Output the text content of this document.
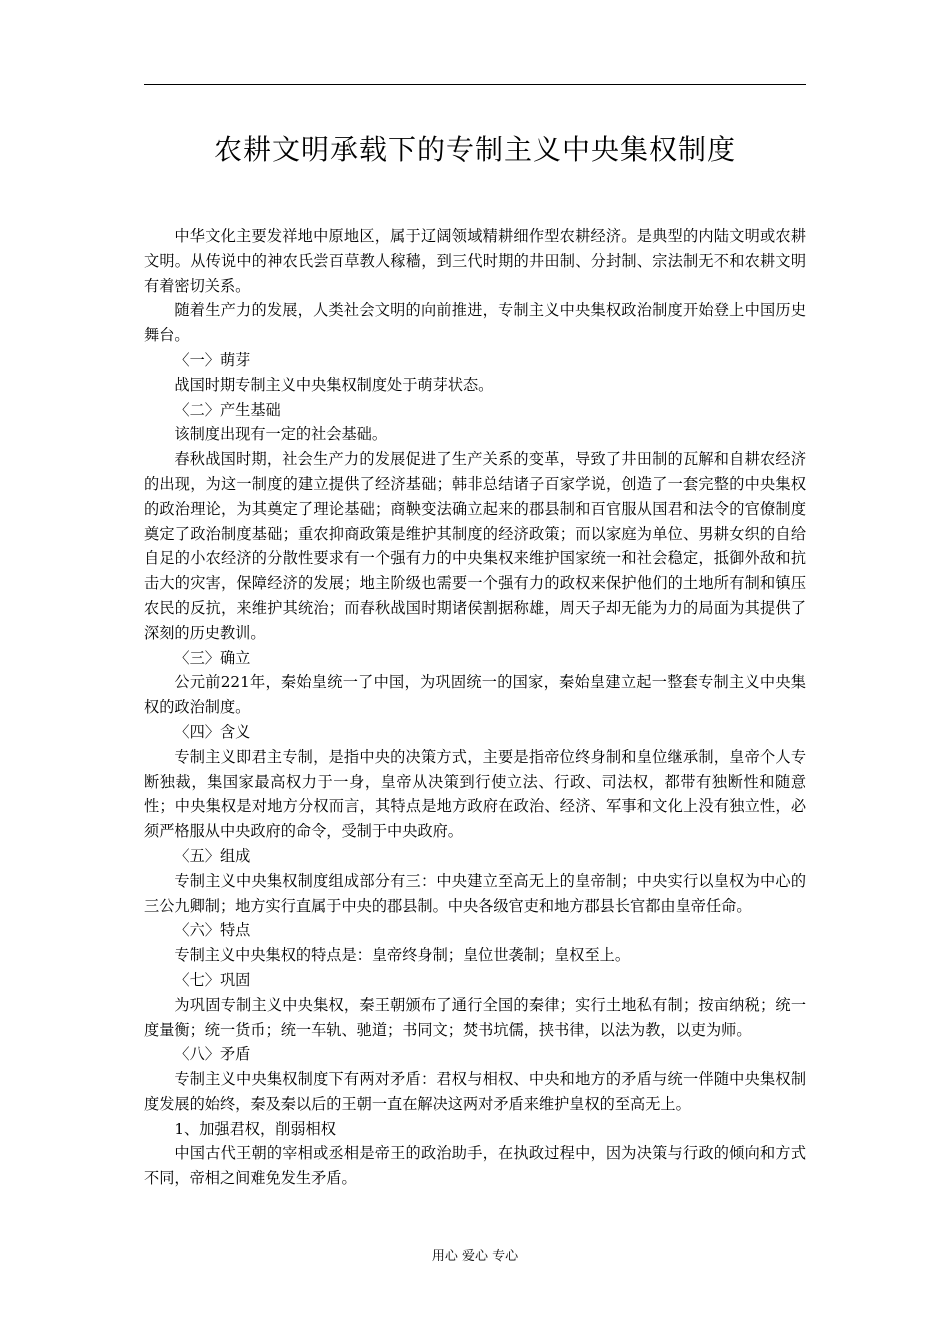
农耕文明承载下的专制主义中央集权制度

中华文化主要发祥地中原地区，属于辽阔领域精耕细作型农耕经济。是典型的内陆文明或农耕文明。从传说中的神农氏尝百草教人稼穑，到三代时期的井田制、分封制、宗法制无不和农耕文明有着密切关系。

随着生产力的发展，人类社会文明的向前推进，专制主义中央集权政治制度开始登上中国历史舞台。

〈一〉萌芽

战国时期专制主义中央集权制度处于萌芽状态。

〈二〉产生基础

该制度出现有一定的社会基础。

春秋战国时期，社会生产力的发展促进了生产关系的变革，导致了井田制的瓦解和自耕农经济的出现，为这一制度的建立提供了经济基础；韩非总结诸子百家学说，创造了一套完整的中央集权的政治理论，为其奠定了理论基础；商鞅变法确立起来的郡县制和百官服从国君和法令的官僚制度奠定了政治制度基础；重农抑商政策是维护其制度的经济政策；而以家庭为单位、男耕女织的自给自足的小农经济的分散性要求有一个强有力的中央集权来维护国家统一和社会稳定，抵御外敌和抗击大的灾害，保障经济的发展；地主阶级也需要一个强有力的政权来保护他们的土地所有制和镇压农民的反抗，来维护其统治；而春秋战国时期诸侯割据称雄，周天子却无能为力的局面为其提供了深刻的历史教训。

〈三〉确立

公元前221年，秦始皇统一了中国，为巩固统一的国家，秦始皇建立起一整套专制主义中央集权的政治制度。

〈四〉含义

专制主义即君主专制，是指中央的决策方式，主要是指帝位终身制和皇位继承制，皇帝个人专断独裁，集国家最高权力于一身，皇帝从决策到行使立法、行政、司法权，都带有独断性和随意性；中央集权是对地方分权而言，其特点是地方政府在政治、经济、军事和文化上没有独立性，必须严格服从中央政府的命令，受制于中央政府。

〈五〉组成

专制主义中央集权制度组成部分有三：中央建立至高无上的皇帝制；中央实行以皇权为中心的三公九卿制；地方实行直属于中央的郡县制。中央各级官吏和地方郡县长官都由皇帝任命。

〈六〉特点

专制主义中央集权的特点是：皇帝终身制；皇位世袭制；皇权至上。

〈七〉巩固

为巩固专制主义中央集权，秦王朝颁布了通行全国的秦律；实行土地私有制；按亩纳税；统一度量衡；统一货币；统一车轨、驰道；书同文；焚书坑儒，挟书律，以法为教，以吏为师。

〈八〉矛盾

专制主义中央集权制度下有两对矛盾：君权与相权、中央和地方的矛盾与统一伴随中央集权制度发展的始终，秦及秦以后的王朝一直在解决这两对矛盾来维护皇权的至高无上。

1、加强君权，削弱相权

中国古代王朝的宰相或丞相是帝王的政治助手，在执政过程中，因为决策与行政的倾向和方式不同，帝相之间难免发生矛盾。

用心 爱心 专心
